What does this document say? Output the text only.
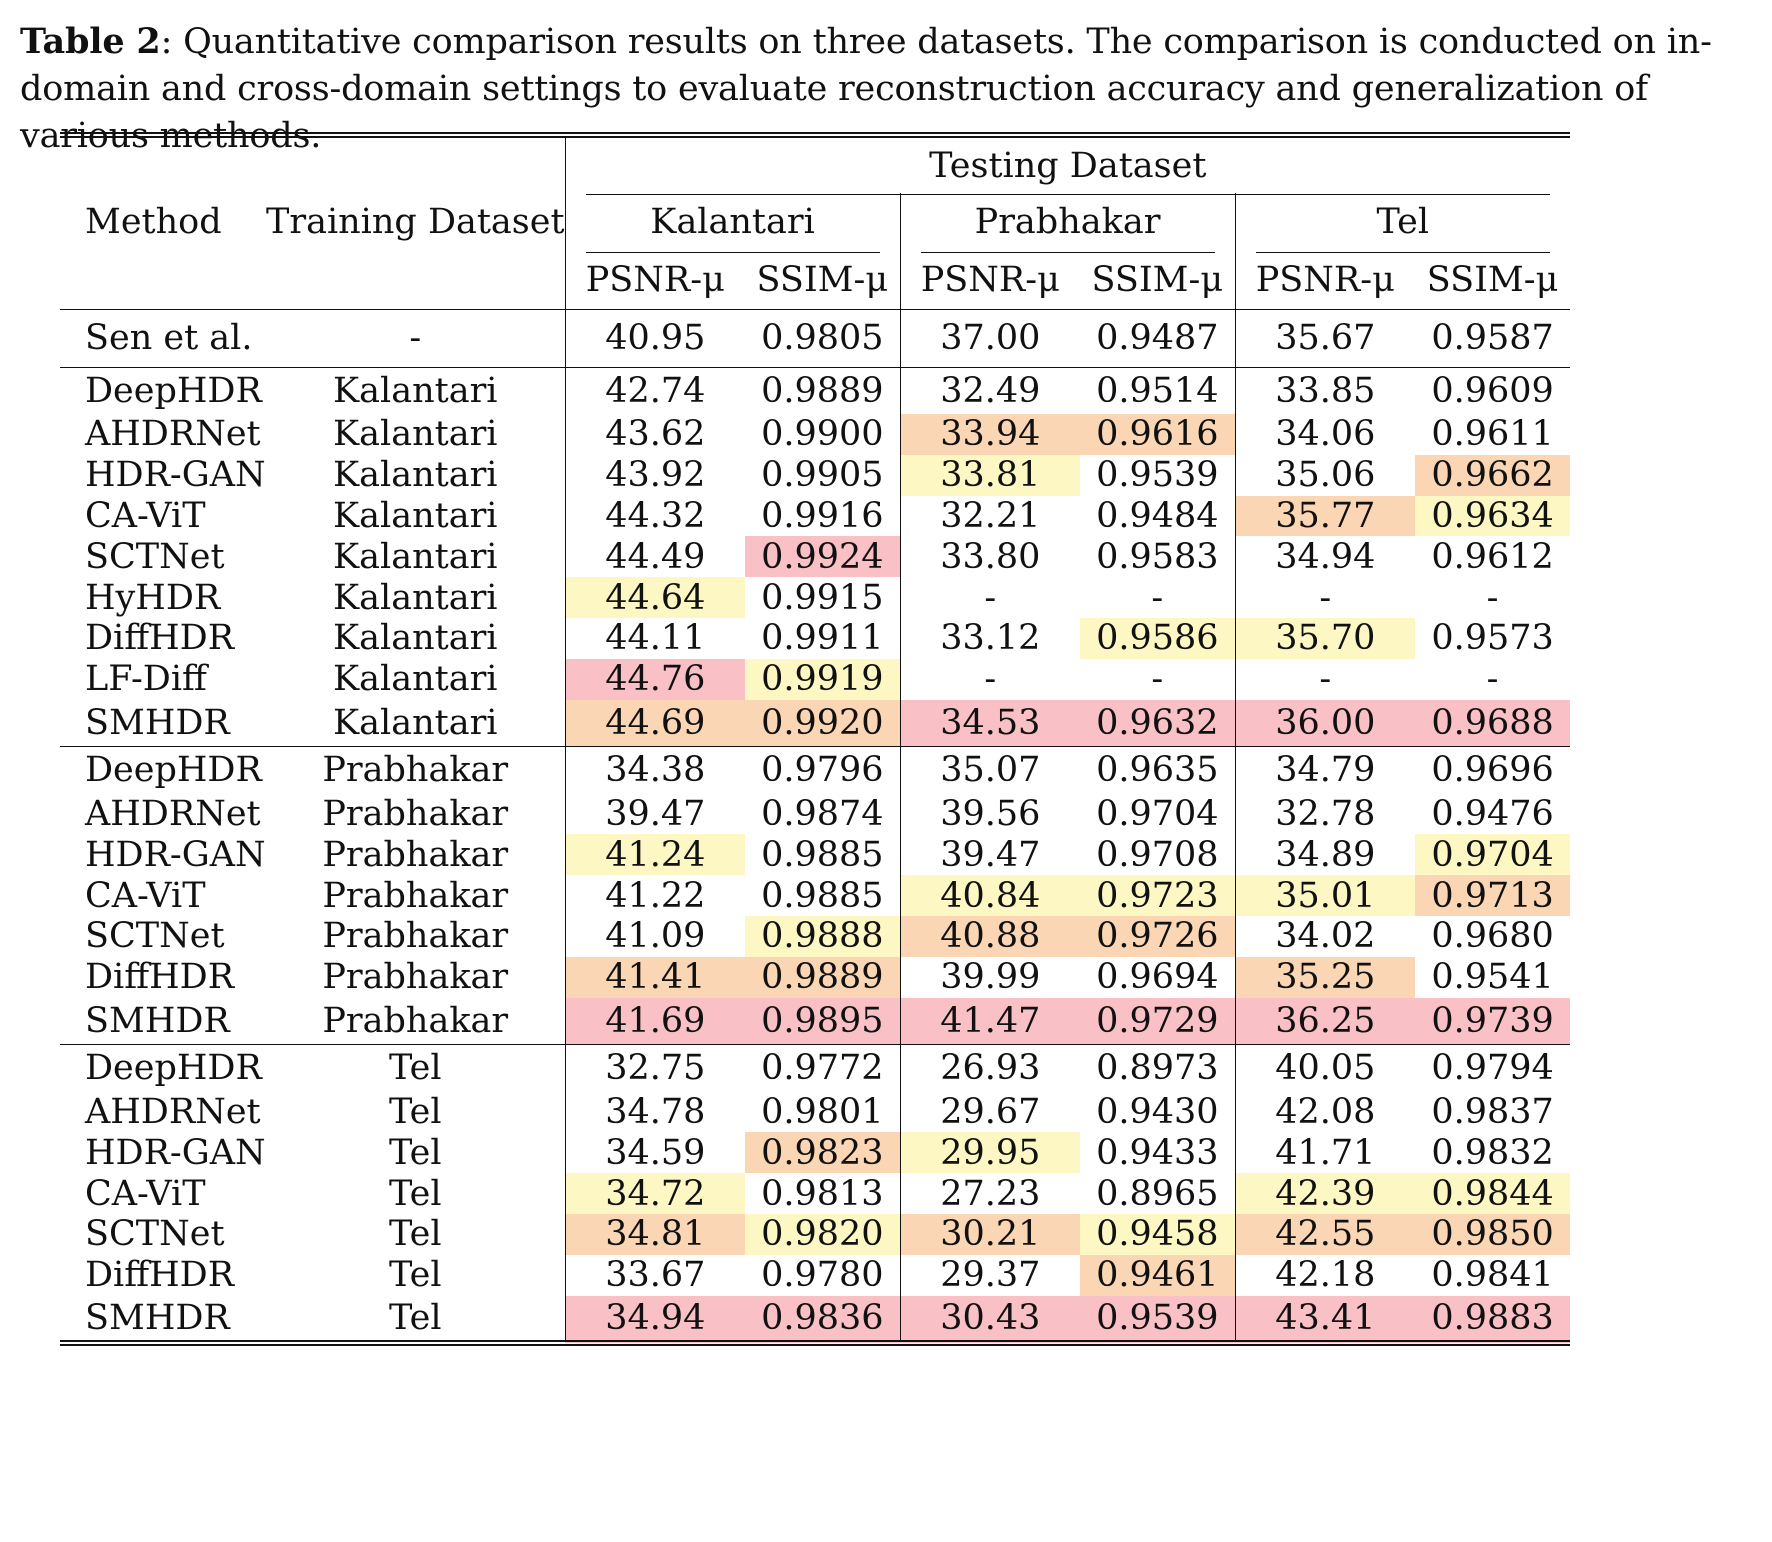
Table 2: Quantitative comparison results on three datasets. The comparison is conducted on in-domain and cross-domain settings to evaluate reconstruction accuracy and generalization of various methods.
		Testing Dataset					
Method	Training Dataset	Kalantari		Prabhakar		Tel	
		PSNR-μ	SSIM-μ	PSNR-μ	SSIM-μ	PSNR-μ	SSIM-μ
Sen et al.	-	40.95	0.9805	37.00	0.9487	35.67	0.9587
DeepHDR	Kalantari	42.74	0.9889	32.49	0.9514	33.85	0.9609
AHDRNet	Kalantari	43.62	0.9900	33.94	0.9616	34.06	0.9611
HDR-GAN	Kalantari	43.92	0.9905	33.81	0.9539	35.06	0.9662
CA-ViT	Kalantari	44.32	0.9916	32.21	0.9484	35.77	0.9634
SCTNet	Kalantari	44.49	0.9924	33.80	0.9583	34.94	0.9612
HyHDR	Kalantari	44.64	0.9915	-	-	-	-
DiffHDR	Kalantari	44.11	0.9911	33.12	0.9586	35.70	0.9573
LF-Diff	Kalantari	44.76	0.9919	-	-	-	-
SMHDR	Kalantari	44.69	0.9920	34.53	0.9632	36.00	0.9688
DeepHDR	Prabhakar	34.38	0.9796	35.07	0.9635	34.79	0.9696
AHDRNet	Prabhakar	39.47	0.9874	39.56	0.9704	32.78	0.9476
HDR-GAN	Prabhakar	41.24	0.9885	39.47	0.9708	34.89	0.9704
CA-ViT	Prabhakar	41.22	0.9885	40.84	0.9723	35.01	0.9713
SCTNet	Prabhakar	41.09	0.9888	40.88	0.9726	34.02	0.9680
DiffHDR	Prabhakar	41.41	0.9889	39.99	0.9694	35.25	0.9541
SMHDR	Prabhakar	41.69	0.9895	41.47	0.9729	36.25	0.9739
DeepHDR	Tel	32.75	0.9772	26.93	0.8973	40.05	0.9794
AHDRNet	Tel	34.78	0.9801	29.67	0.9430	42.08	0.9837
HDR-GAN	Tel	34.59	0.9823	29.95	0.9433	41.71	0.9832
CA-ViT	Tel	34.72	0.9813	27.23	0.8965	42.39	0.9844
SCTNet	Tel	34.81	0.9820	30.21	0.9458	42.55	0.9850
DiffHDR	Tel	33.67	0.9780	29.37	0.9461	42.18	0.9841
SMHDR	Tel	34.94	0.9836	30.43	0.9539	43.41	0.9883
